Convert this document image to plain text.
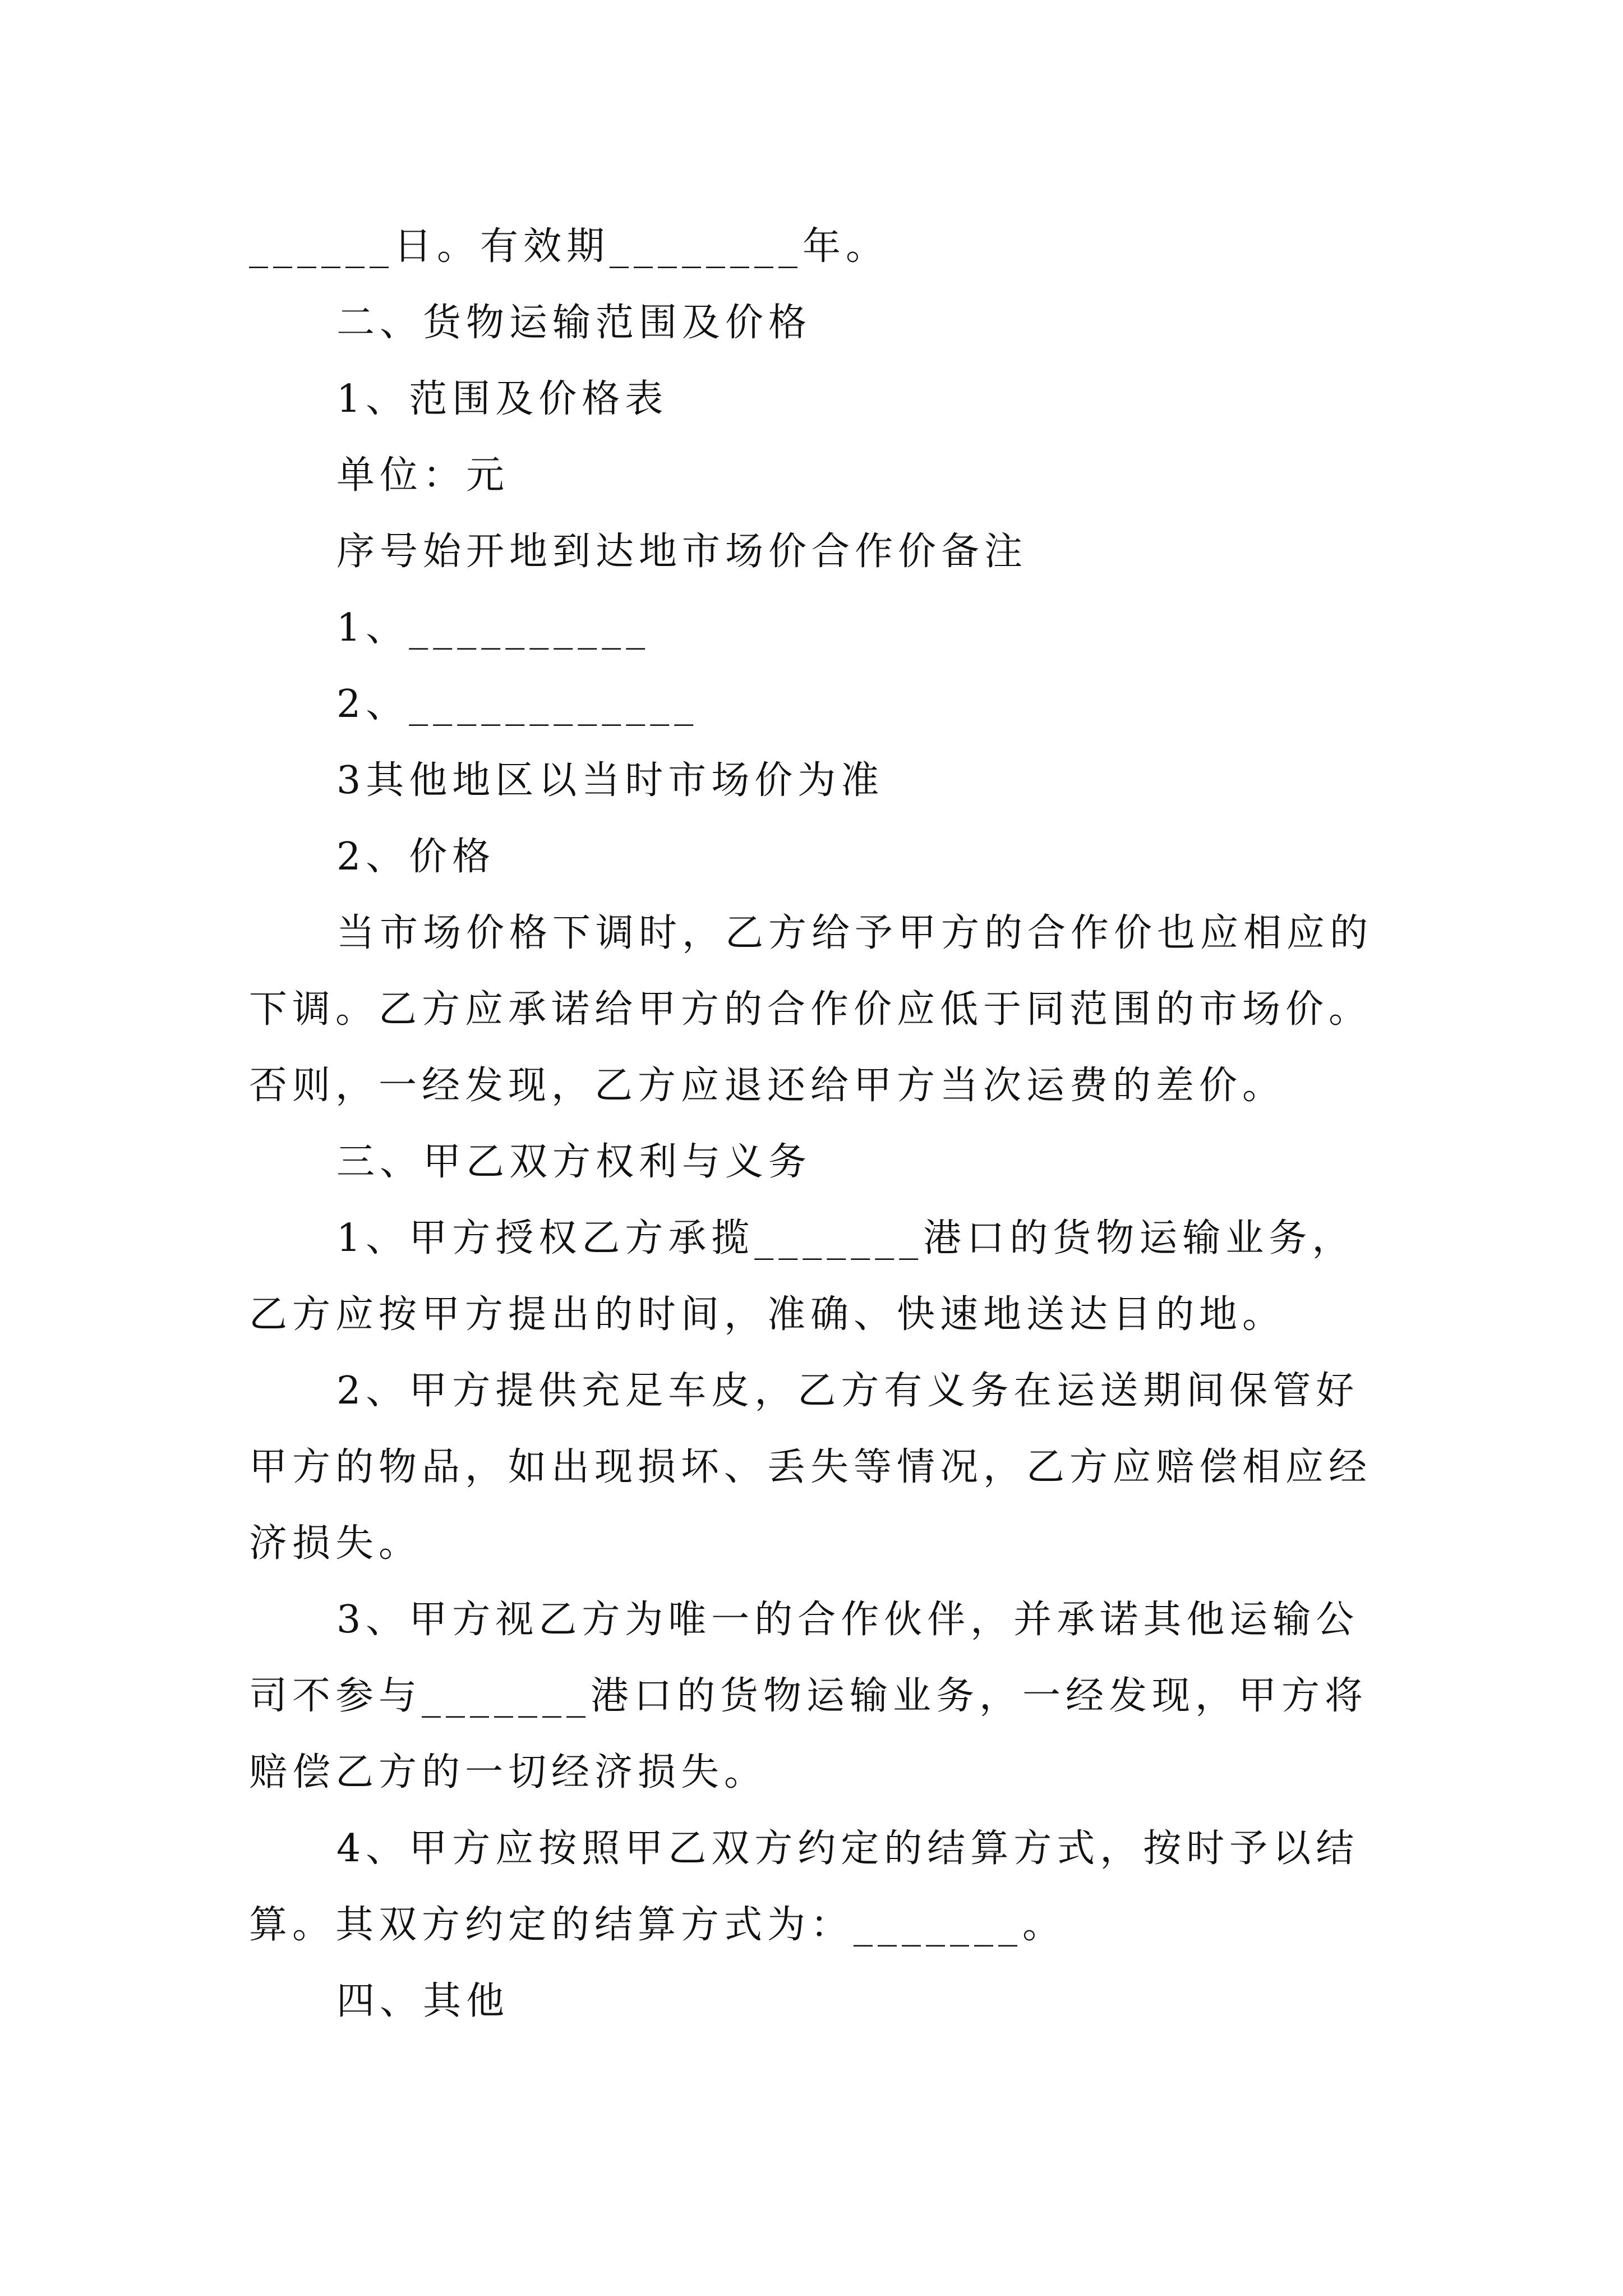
______日。有效期________年。

二、货物运输范围及价格

1、范围及价格表

单位：元

序号始开地到达地市场价合作价备注

1、__________

2、____________

3其他地区以当时市场价为准

2、价格

当市场价格下调时，乙方给予甲方的合作价也应相应的下调。乙方应承诺给甲方的合作价应低于同范围的市场价。否则，一经发现，乙方应退还给甲方当次运费的差价。

三、甲乙双方权利与义务

1、甲方授权乙方承揽_______港口的货物运输业务，乙方应按甲方提出的时间，准确、快速地送达目的地。

2、甲方提供充足车皮，乙方有义务在运送期间保管好甲方的物品，如出现损坏、丢失等情况，乙方应赔偿相应经济损失。

3、甲方视乙方为唯一的合作伙伴，并承诺其他运输公司不参与_______港口的货物运输业务，一经发现，甲方将赔偿乙方的一切经济损失。

4、甲方应按照甲乙双方约定的结算方式，按时予以结算。其双方约定的结算方式为：_______。

四、其他
